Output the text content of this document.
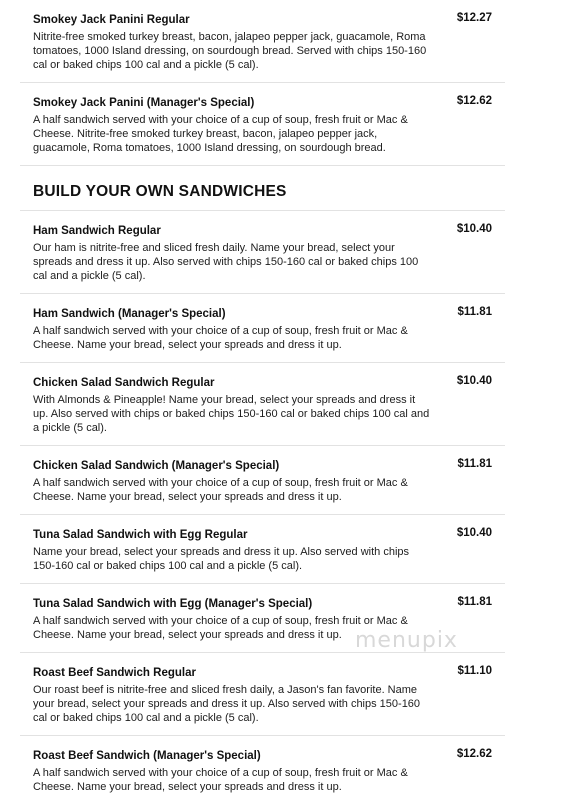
Smokey Jack Panini Regular	$12.27
Nitrite-free smoked turkey breast, bacon, jalapeo pepper jack, guacamole, Roma tomatoes, 1000 Island dressing, on sourdough bread. Served with chips 150-160 cal or baked chips 100 cal and a pickle (5 cal).
Smokey Jack Panini (Manager's Special)	$12.62
A half sandwich served with your choice of a cup of soup, fresh fruit or Mac & Cheese. Nitrite-free smoked turkey breast, bacon, jalapeo pepper jack, guacamole, Roma tomatoes, 1000 Island dressing, on sourdough bread.
BUILD YOUR OWN SANDWICHES
Ham Sandwich Regular	$10.40
Our ham is nitrite-free and sliced fresh daily. Name your bread, select your spreads and dress it up. Also served with chips 150-160 cal or baked chips 100 cal and a pickle (5 cal).
Ham Sandwich (Manager's Special)	$11.81
A half sandwich served with your choice of a cup of soup, fresh fruit or Mac & Cheese. Name your bread, select your spreads and dress it up.
Chicken Salad Sandwich Regular	$10.40
With Almonds & Pineapple! Name your bread, select your spreads and dress it up. Also served with chips or baked chips 150-160 cal or baked chips 100 cal and a pickle (5 cal).
Chicken Salad Sandwich (Manager's Special)	$11.81
A half sandwich served with your choice of a cup of soup, fresh fruit or Mac & Cheese. Name your bread, select your spreads and dress it up.
Tuna Salad Sandwich with Egg Regular	$10.40
Name your bread, select your spreads and dress it up. Also served with chips 150-160 cal or baked chips 100 cal and a pickle (5 cal).
Tuna Salad Sandwich with Egg (Manager's Special)	$11.81
A half sandwich served with your choice of a cup of soup, fresh fruit or Mac & Cheese. Name your bread, select your spreads and dress it up.
Roast Beef Sandwich Regular	$11.10
Our roast beef is nitrite-free and sliced fresh daily, a Jason's fan favorite. Name your bread, select your spreads and dress it up. Also served with chips 150-160 cal or baked chips 100 cal and a pickle (5 cal).
Roast Beef Sandwich (Manager's Special)	$12.62
A half sandwich served with your choice of a cup of soup, fresh fruit or Mac & Cheese. Name your bread, select your spreads and dress it up.
menupix
